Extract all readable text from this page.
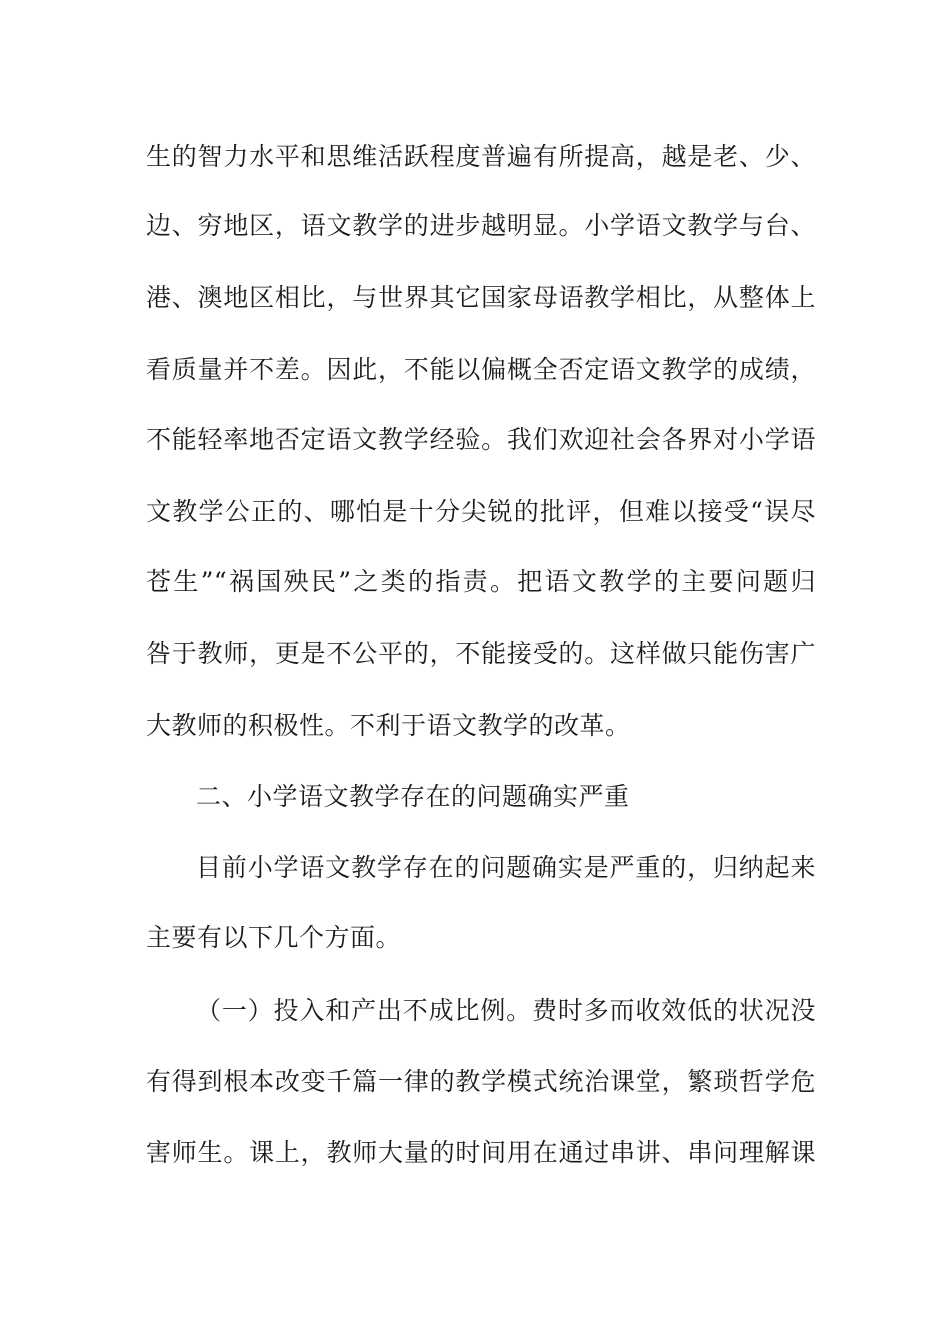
生的智力水平和思维活跃程度普遍有所提高，越是老、少、
边、穷地区，语文教学的进步越明显。小学语文教学与台、
港、澳地区相比，与世界其它国家母语教学相比，从整体上
看质量并不差。因此，不能以偏概全否定语文教学的成绩，
不能轻率地否定语文教学经验。我们欢迎社会各界对小学语
文教学公正的、哪怕是十分尖锐的批评，但难以接受“误尽
苍生”“祸国殃民”之类的指责。把语文教学的主要问题归
咎于教师，更是不公平的，不能接受的。这样做只能伤害广
大教师的积极性。不利于语文教学的改革。
二、小学语文教学存在的问题确实严重
目前小学语文教学存在的问题确实是严重的，归纳起来
主要有以下几个方面。
（一）投入和产出不成比例。费时多而收效低的状况没
有得到根本改变千篇一律的教学模式统治课堂，繁琐哲学危
害师生。课上，教师大量的时间用在通过串讲、串问理解课
